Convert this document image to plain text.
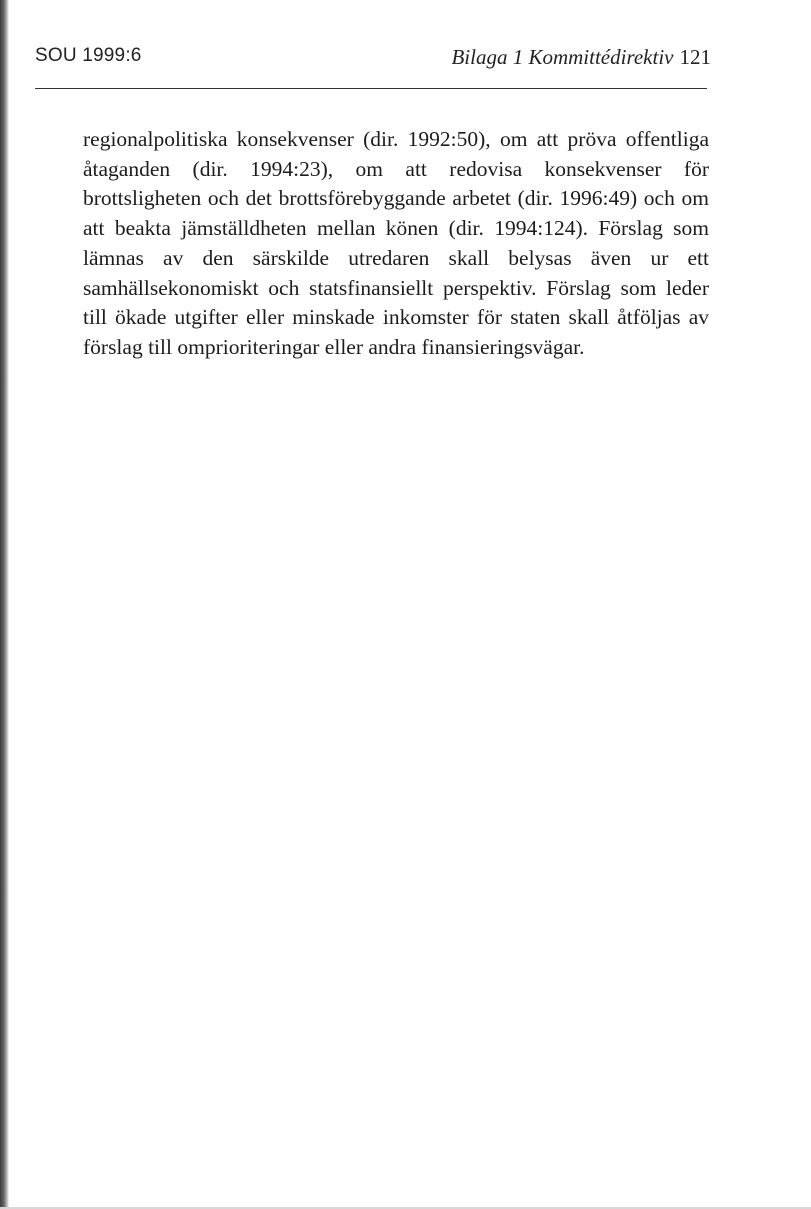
SOU 1999:6	Bilaga 1 Kommittédirektiv 121

regionalpolitiska konsekvenser (dir. 1992:50), om att pröva offentliga åtaganden (dir. 1994:23), om att redovisa konsekvenser för brottsligheten och det brottsförebyggande arbetet (dir. 1996:49) och om att beakta jämställdheten mellan könen (dir. 1994:124). Förslag som lämnas av den särskilde utredaren skall belysas även ur ett samhällsekonomiskt och statsfinansiellt perspektiv. Förslag som leder till ökade utgifter eller minskade inkomster för staten skall åtföljas av förslag till omprioriteringar eller andra finansieringsvägar.
